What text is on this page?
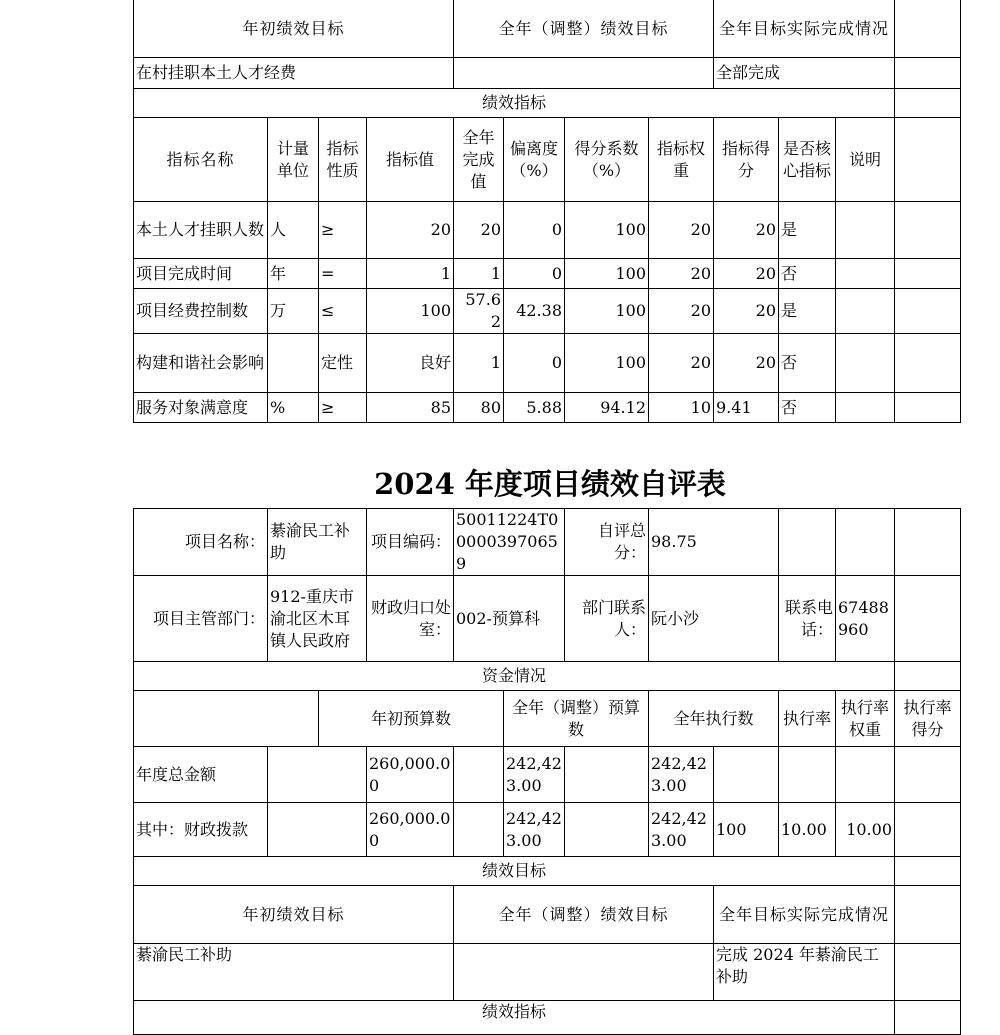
年初绩效目标				全年（调整）绩效目标				全年目标实际完成情况			
在村挂职本土人才经费								全部完成			
绩效指标											
指标名称	计量单位	指标性质	指标值	全年完成值	偏离度（%）	得分系数（%）	指标权重	指标得分	是否核心指标	说明	
本土人才挂职人数	人	≥	20	20	0	100	20	20	是		
项目完成时间	年	=	1	1	0	100	20	20	否		
项目经费控制数	万	≤	100	57.62	42.38	100	20	20	是		
构建和谐社会影响		定性	良好	1	0	100	20	20	否		
服务对象满意度	%	≥	85	80	5.88	94.12	10	9.41	否		
2024 年度项目绩效自评表
项目名称：	綦渝民工补助		项目编码：	50011224T000003970659		自评总分：	98.75				
项目主管部门：	912-重庆市渝北区木耳镇人民政府		财政归口处室：	002-预算科		部门联系人：	阮小沙		联系电话：	67488960	
资金情况											
		年初预算数			全年（调整）预算数		全年执行数		执行率	执行率权重	执行率得分
年度总金额			260,000.00		242,423.00		242,423.00				
其中：财政拨款			260,000.00		242,423.00		242,423.00	100	10.00	10.00	
绩效目标											
年初绩效目标				全年（调整）绩效目标				全年目标实际完成情况			
綦渝民工补助								完成 2024 年綦渝民工补助			
绩效指标											
